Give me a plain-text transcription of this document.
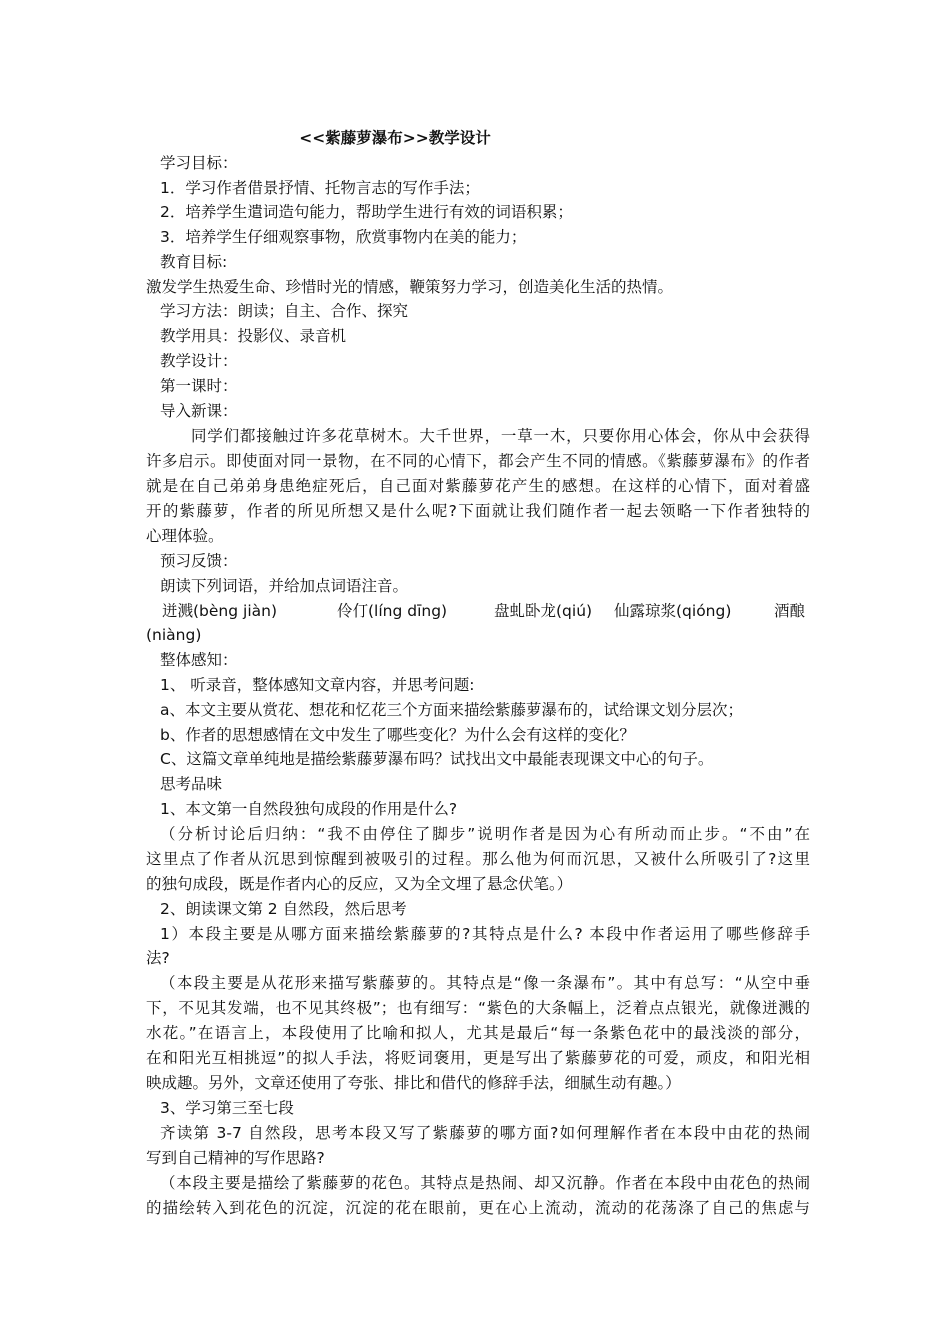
<<紫藤萝瀑布>>教学设计
学习目标：
1．学习作者借景抒情、托物言志的写作手法；
2．培养学生遣词造句能力，帮助学生进行有效的词语积累；
3．培养学生仔细观察事物，欣赏事物内在美的能力；
教育目标:
激发学生热爱生命、珍惜时光的情感，鞭策努力学习，创造美化生活的热情。
学习方法：朗读；自主、合作、探究
教学用具：投影仪、录音机
教学设计：
第一课时：
导入新课：
同学们都接触过许多花草树木。大千世界，一草一木，只要你用心体会，你从中会获得
许多启示。即使面对同一景物，在不同的心情下，都会产生不同的情感。《紫藤萝瀑布》的作者
就是在自己弟弟身患绝症死后，自己面对紫藤萝花产生的感想。在这样的心情下，面对着盛
开的紫藤萝，作者的所见所想又是什么呢?下面就让我们随作者一起去领略一下作者独特的
心理体验。
预习反馈：
朗读下列词语，并给加点词语注音。
迸溅(bèng jiàn)	伶仃(líng dīng)	盘虬卧龙(qiú) 仙露琼浆(qióng)	酒酿
(niàng)
整体感知：
1、 听录音，整体感知文章内容，并思考问题:
a、本文主要从赏花、想花和忆花三个方面来描绘紫藤萝瀑布的，试给课文划分层次；
b、作者的思想感情在文中发生了哪些变化？为什么会有这样的变化？
C、这篇文章单纯地是描绘紫藤萝瀑布吗？试找出文中最能表现课文中心的句子。
思考品味
1、本文第一自然段独句成段的作用是什么?
（分析讨论后归纳：“我不由停住了脚步”说明作者是因为心有所动而止步。“不由”在
这里点了作者从沉思到惊醒到被吸引的过程。那么他为何而沉思，又被什么所吸引了?这里
的独句成段，既是作者内心的反应，又为全文埋了悬念伏笔。）
2、朗读课文第 2 自然段，然后思考
1）本段主要是从哪方面来描绘紫藤萝的?其特点是什么? 本段中作者运用了哪些修辞手
法?
（本段主要是从花形来描写紫藤萝的。其特点是“像一条瀑布”。其中有总写：“从空中垂
下，不见其发端，也不见其终极”；也有细写：“紫色的大条幅上，泛着点点银光，就像迸溅的
水花。”在语言上，本段使用了比喻和拟人，尤其是最后“每一条紫色花中的最浅淡的部分，
在和阳光互相挑逗”的拟人手法，将贬词褒用，更是写出了紫藤萝花的可爱，顽皮，和阳光相
映成趣。另外，文章还使用了夸张、排比和借代的修辞手法，细腻生动有趣。）
3、学习第三至七段
齐读第 3-7 自然段，思考本段又写了紫藤萝的哪方面?如何理解作者在本段中由花的热闹
写到自己精神的写作思路?
（本段主要是描绘了紫藤萝的花色。其特点是热闹、却又沉静。作者在本段中由花色的热闹
的描绘转入到花色的沉淀，沉淀的花在眼前，更在心上流动，流动的花荡涤了自己的焦虑与
